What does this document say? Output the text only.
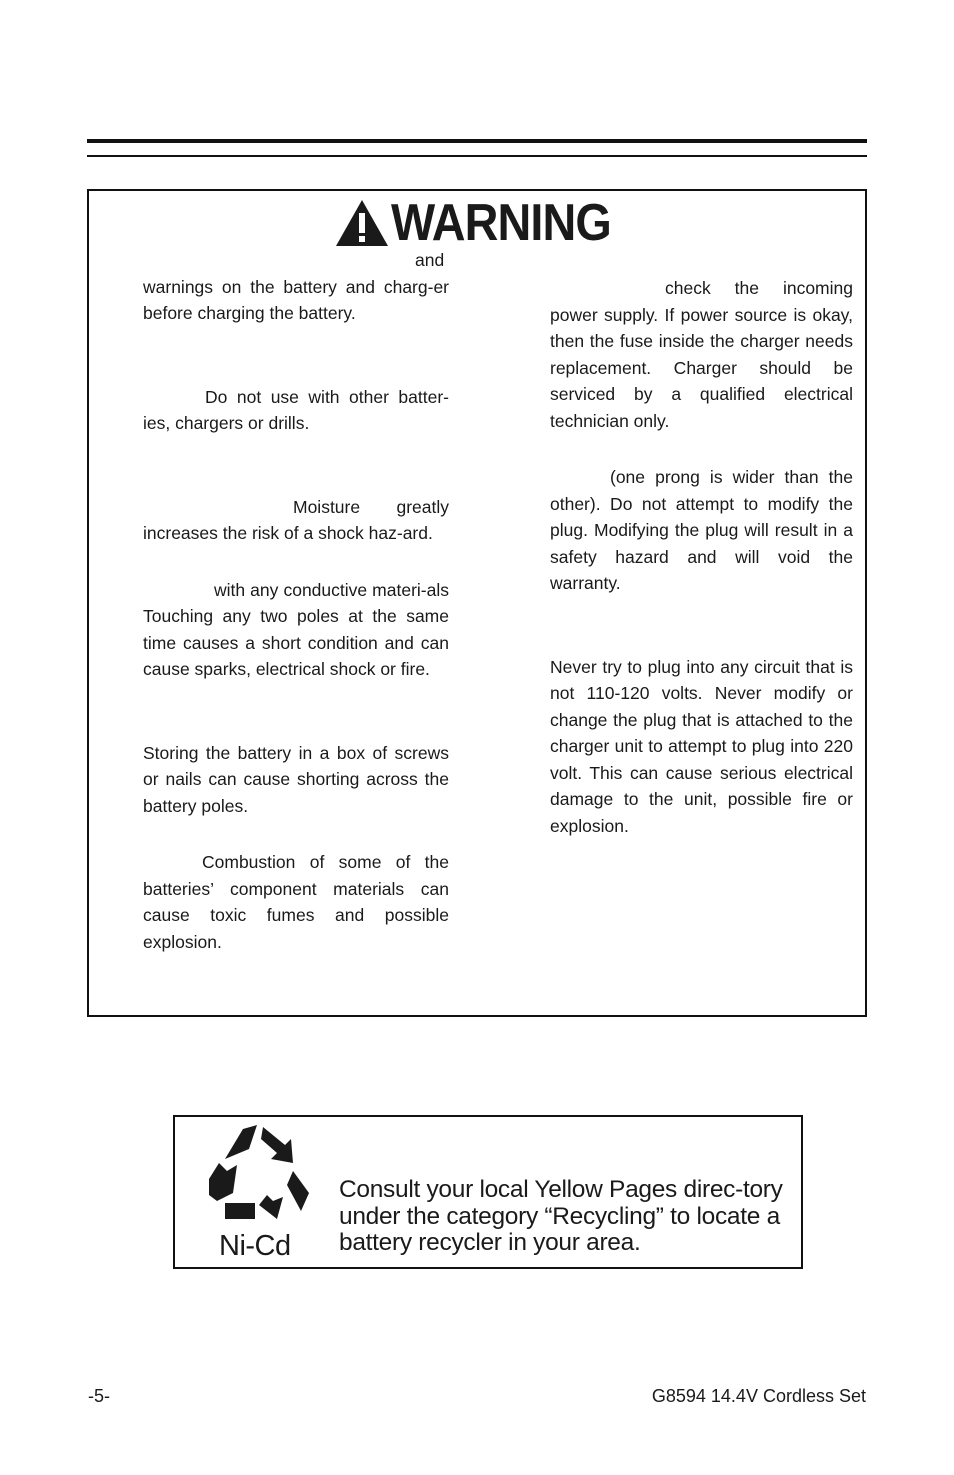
WARNING

and warnings on the battery and charg-er before charging the battery.

Do not use with other batter-ies, chargers or drills.

Moisture greatly increases the risk of a shock haz-ard.

with any conductive materi-als Touching any two poles at the same time causes a short condition and can cause sparks, electrical shock or fire.

Storing the battery in a box of screws or nails can cause shorting across the battery poles.

Combustion of some of the batteries’ component materials can cause toxic fumes and possible explosion.

check the incoming power supply. If power source is okay, then the fuse inside the charger needs replacement. Charger should be serviced by a qualified electrical technician only.

(one prong is wider than the other). Do not attempt to modify the plug. Modifying the plug will result in a safety hazard and will void the warranty.

Never try to plug into any circuit that is not 110-120 volts. Never modify or change the plug that is attached to the charger unit to attempt to plug into 220 volt. This can cause serious electrical damage to the unit, possible fire or explosion.

Ni-Cd
Consult your local Yellow Pages direc-tory under the category “Recycling” to locate a battery recycler in your area.
-5-	G8594 14.4V Cordless Set
